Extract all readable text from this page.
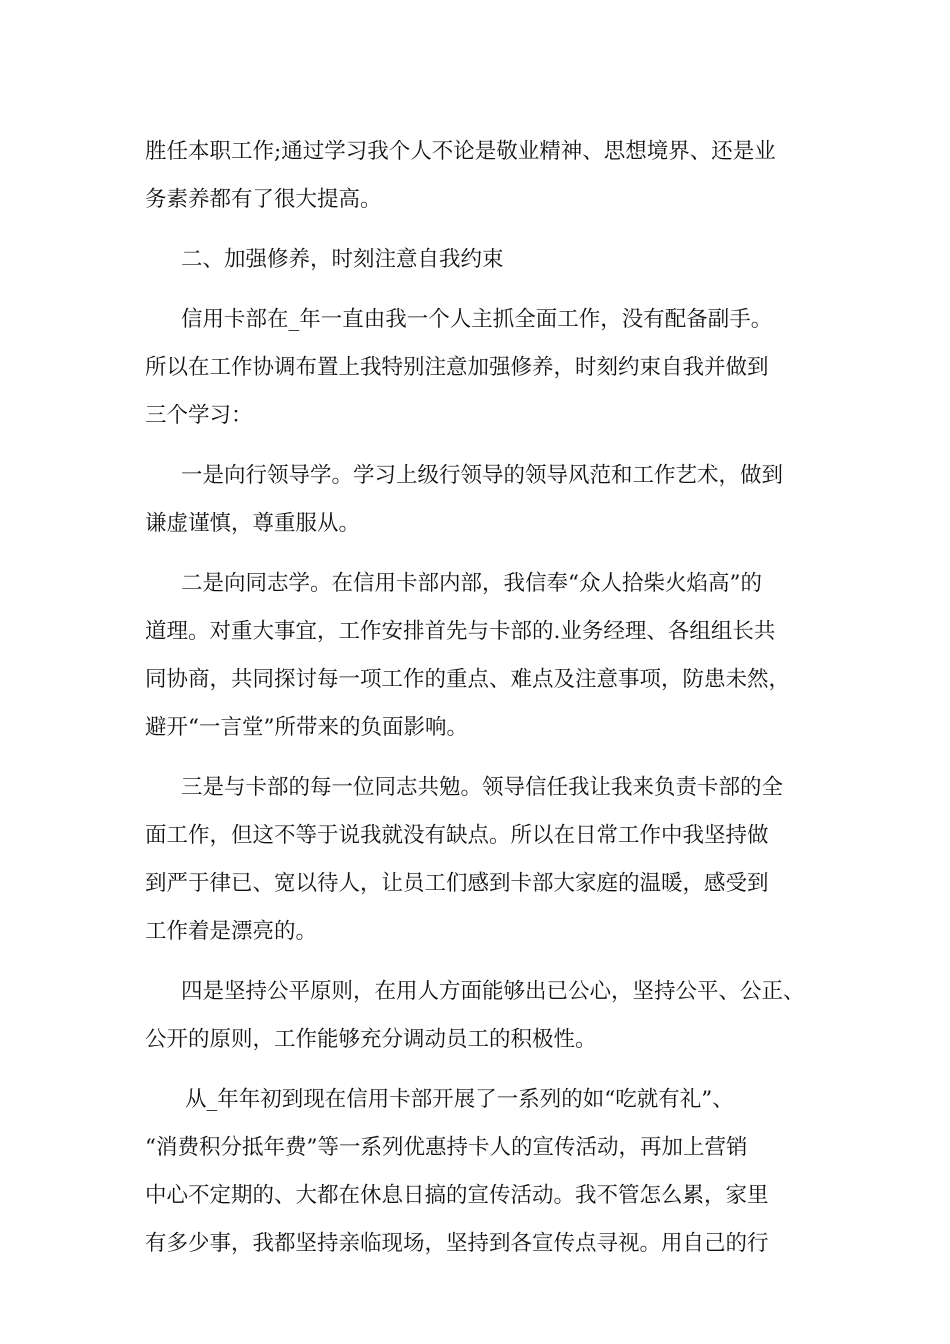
胜任本职工作;通过学习我个人不论是敬业精神、思想境界、还是业
务素养都有了很大提高。
二、加强修养，时刻注意自我约束
信用卡部在_年一直由我一个人主抓全面工作，没有配备副手。
所以在工作协调布置上我特别注意加强修养，时刻约束自我并做到
三个学习：
一是向行领导学。学习上级行领导的领导风范和工作艺术，做到
谦虚谨慎，尊重服从。
二是向同志学。在信用卡部内部，我信奉“众人拾柴火焰高”的
道理。对重大事宜，工作安排首先与卡部的.业务经理、各组组长共
同协商，共同探讨每一项工作的重点、难点及注意事项，防患未然，
避开“一言堂”所带来的负面影响。
三是与卡部的每一位同志共勉。领导信任我让我来负责卡部的全
面工作，但这不等于说我就没有缺点。所以在日常工作中我坚持做
到严于律已、宽以待人，让员工们感到卡部大家庭的温暖，感受到
工作着是漂亮的。
四是坚持公平原则，在用人方面能够出已公心，坚持公平、公正、
公开的原则，工作能够充分调动员工的积极性。
从_年年初到现在信用卡部开展了一系列的如“吃就有礼”、
“消费积分抵年费”等一系列优惠持卡人的宣传活动，再加上营销
中心不定期的、大都在休息日搞的宣传活动。我不管怎么累，家里
有多少事，我都坚持亲临现场，坚持到各宣传点寻视。用自己的行
